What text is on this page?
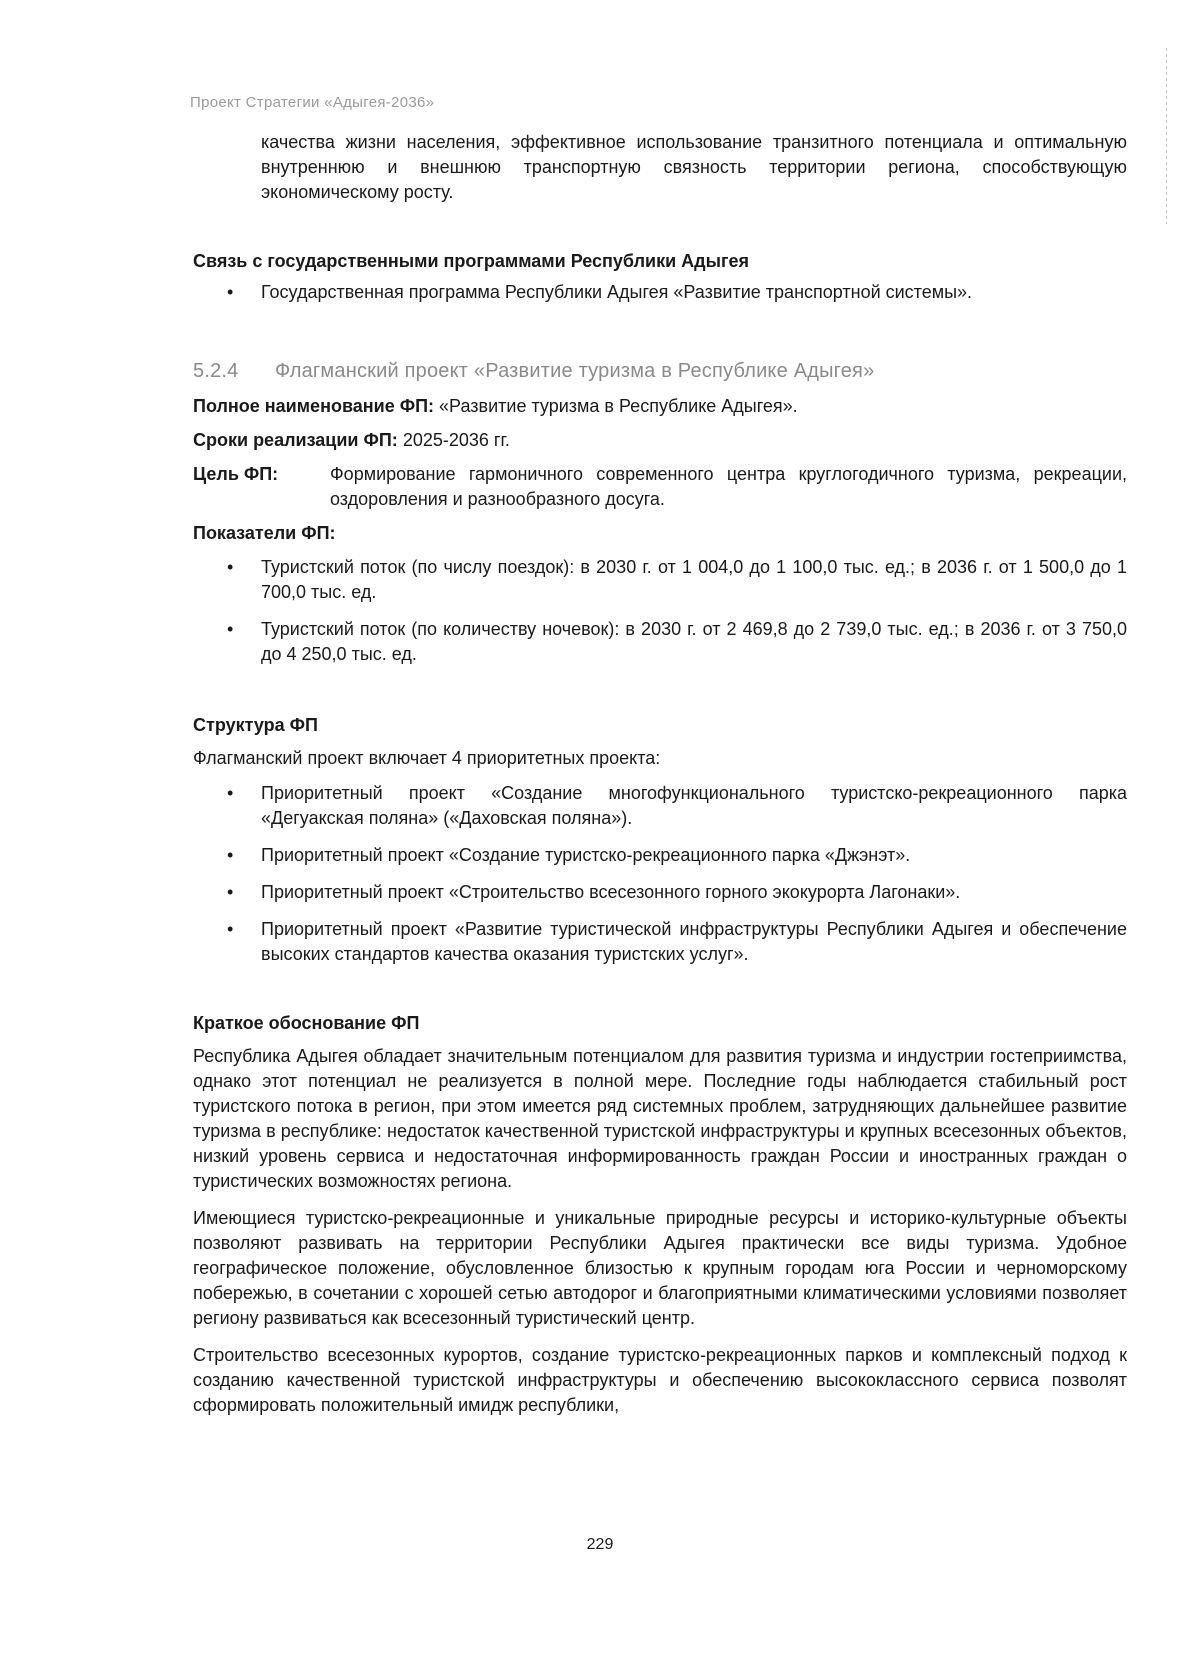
Проект Стратегии «Адыгея-2036»

качества жизни населения, эффективное использование транзитного потенциала и оптимальную внутреннюю и внешнюю транспортную связность территории региона, способствующую экономическому росту.

Связь с государственными программами Республики Адыгея
• Государственная программа Республики Адыгея «Развитие транспортной системы».
5.2.4 Флагманский проект «Развитие туризма в Республике Адыгея»

Полное наименование ФП: «Развитие туризма в Республике Адыгея».

Сроки реализации ФП: 2025-2036 гг.

Цель ФП:	Формирование гармоничного современного центра круглогодичного туризма, рекреации, оздоровления и разнообразного досуга.
Показатели ФП:
• Туристский поток (по числу поездок): в 2030 г. от 1 004,0 до 1 100,0 тыс. ед.; в 2036 г. от 1 500,0 до 1 700,0 тыс. ед.
• Туристский поток (по количеству ночевок): в 2030 г. от 2 469,8 до 2 739,0 тыс. ед.; в 2036 г. от 3 750,0 до 4 250,0 тыс. ед.
Структура ФП

Флагманский проект включает 4 приоритетных проекта:

• Приоритетный проект «Создание многофункционального туристско-рекреационного парка «Дегуакская поляна» («Даховская поляна»).
• Приоритетный проект «Создание туристско-рекреационного парка «Джэнэт».
• Приоритетный проект «Строительство всесезонного горного экокурорта Лагонаки».
• Приоритетный проект «Развитие туристической инфраструктуры Республики Адыгея и обеспечение высоких стандартов качества оказания туристских услуг».
Краткое обоснование ФП

Республика Адыгея обладает значительным потенциалом для развития туризма и индустрии гостеприимства, однако этот потенциал не реализуется в полной мере. Последние годы наблюдается стабильный рост туристского потока в регион, при этом имеется ряд системных проблем, затрудняющих дальнейшее развитие туризма в республике: недостаток качественной туристской инфраструктуры и крупных всесезонных объектов, низкий уровень сервиса и недостаточная информированность граждан России и иностранных граждан о туристических возможностях региона.

Имеющиеся туристско-рекреационные и уникальные природные ресурсы и историко-культурные объекты позволяют развивать на территории Республики Адыгея практически все виды туризма. Удобное географическое положение, обусловленное близостью к крупным городам юга России и черноморскому побережью, в сочетании с хорошей сетью автодорог и благоприятными климатическими условиями позволяет региону развиваться как всесезонный туристический центр.

Строительство всесезонных курортов, создание туристско-рекреационных парков и комплексный подход к созданию качественной туристской инфраструктуры и обеспечению высококлассного сервиса позволят сформировать положительный имидж республики,

229
